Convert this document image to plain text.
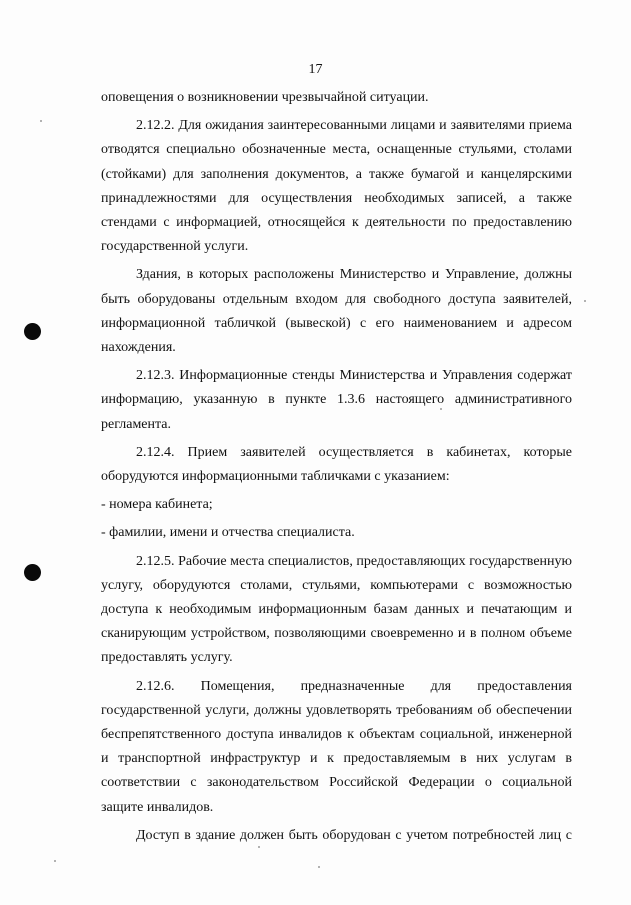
17

оповещения о возникновении чрезвычайной ситуации.

2.12.2. Для ожидания заинтересованными лицами и заявителями приема отводятся специально обозначенные места, оснащенные стульями, столами (стойками) для заполнения документов, а также бумагой и канцелярскими принадлежностями для осуществления необходимых записей, а также стендами с информацией, относящейся к деятельности по предоставлению государственной услуги.

Здания, в которых расположены Министерство и Управление, должны быть оборудованы отдельным входом для свободного доступа заявителей, информационной табличкой (вывеской) с его наименованием и адресом нахождения.

2.12.3. Информационные стенды Министерства и Управления содержат информацию, указанную в пункте 1.3.6 настоящего административного регламента.

2.12.4. Прием заявителей осуществляется в кабинетах, которые оборудуются информационными табличками с указанием:

- номера кабинета;

- фамилии, имени и отчества специалиста.

2.12.5. Рабочие места специалистов, предоставляющих государственную услугу, оборудуются столами, стульями, компьютерами с возможностью доступа к необходимым информационным базам данных и печатающим и сканирующим устройством, позволяющими своевременно и в полном объеме предоставлять услугу.

2.12.6. Помещения, предназначенные для предоставления государственной услуги, должны удовлетворять требованиям об обеспечении беспрепятственного доступа инвалидов к объектам социальной, инженерной и транспортной инфраструктур и к предоставляемым в них услугам в соответствии с законодательством Российской Федерации о социальной защите инвалидов.

Доступ в здание должен быть оборудован с учетом потребностей лиц с
